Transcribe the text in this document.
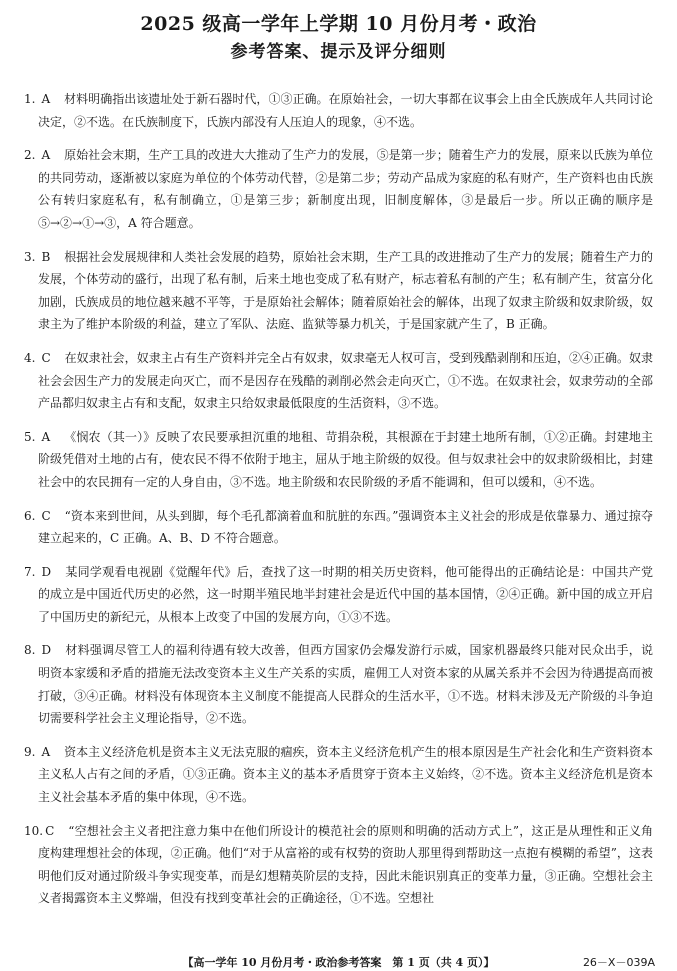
2025 级高一学年上学期 10 月份月考・政治
参考答案、提示及评分细则
1. A 材料明确指出该遗址处于新石器时代，①③正确。在原始社会，一切大事都在议事会上由全氏族成年人共同讨论决定，②不选。在氏族制度下，氏族内部没有人压迫人的现象，④不选。
2. A 原始社会末期，生产工具的改进大大推动了生产力的发展，⑤是第一步；随着生产力的发展，原来以氏族为单位的共同劳动，逐渐被以家庭为单位的个体劳动代替，②是第二步；劳动产品成为家庭的私有财产，生产资料也由氏族公有转归家庭私有，私有制确立，①是第三步；新制度出现，旧制度解体，③是最后一步。所以正确的顺序是⑤→②→①→③，A 符合题意。
3. B 根据社会发展规律和人类社会发展的趋势，原始社会末期，生产工具的改进推动了生产力的发展；随着生产力的发展，个体劳动的盛行，出现了私有制，后来土地也变成了私有财产，标志着私有制的产生；私有制产生，贫富分化加剧，氏族成员的地位越来越不平等，于是原始社会解体；随着原始社会的解体，出现了奴隶主阶级和奴隶阶级，奴隶主为了维护本阶级的利益，建立了军队、法庭、监狱等暴力机关，于是国家就产生了，B 正确。
4. C 在奴隶社会，奴隶主占有生产资料并完全占有奴隶，奴隶毫无人权可言，受到残酷剥削和压迫，②④正确。奴隶社会会因生产力的发展走向灭亡，而不是因存在残酷的剥削必然会走向灭亡，①不选。在奴隶社会，奴隶劳动的全部产品都归奴隶主占有和支配，奴隶主只给奴隶最低限度的生活资料，③不选。
5. A 《悯农（其一）》反映了农民要承担沉重的地租、苛捐杂税，其根源在于封建土地所有制，①②正确。封建地主阶级凭借对土地的占有，使农民不得不依附于地主，屈从于地主阶级的奴役。但与奴隶社会中的奴隶阶级相比，封建社会中的农民拥有一定的人身自由，③不选。地主阶级和农民阶级的矛盾不能调和，但可以缓和，④不选。
6. C “资本来到世间，从头到脚，每个毛孔都滴着血和肮脏的东西。”强调资本主义社会的形成是依靠暴力、通过掠夺建立起来的，C 正确。A、B、D 不符合题意。
7. D 某同学观看电视剧《觉醒年代》后，查找了这一时期的相关历史资料，他可能得出的正确结论是：中国共产党的成立是中国近代历史的必然，这一时期半殖民地半封建社会是近代中国的基本国情，②④正确。新中国的成立开启了中国历史的新纪元，从根本上改变了中国的发展方向，①③不选。
8. D 材料强调尽管工人的福利待遇有较大改善，但西方国家仍会爆发游行示威，国家机器最终只能对民众出手，说明资本家缓和矛盾的措施无法改变资本主义生产关系的实质，雇佣工人对资本家的从属关系并不会因为待遇提高而被打破，③④正确。材料没有体现资本主义制度不能提高人民群众的生活水平，①不选。材料未涉及无产阶级的斗争迫切需要科学社会主义理论指导，②不选。
9. A 资本主义经济危机是资本主义无法克服的痼疾，资本主义经济危机产生的根本原因是生产社会化和生产资料资本主义私人占有之间的矛盾，①③正确。资本主义的基本矛盾贯穿于资本主义始终，②不选。资本主义经济危机是资本主义社会基本矛盾的集中体现，④不选。
10. C “空想社会主义者把注意力集中在他们所设计的模范社会的原则和明确的活动方式上”，这正是从理性和正义角度构建理想社会的体现，②正确。他们“对于从富裕的或有权势的资助人那里得到帮助这一点抱有模糊的希望”，这表明他们反对通过阶级斗争实现变革，而是幻想精英阶层的支持，因此未能识别真正的变革力量，③正确。空想社会主义者揭露资本主义弊端，但没有找到变革社会的正确途径，①不选。空想社
【高一学年 10 月份月考・政治参考答案　第 1 页（共 4 页）】	26－X－039A
